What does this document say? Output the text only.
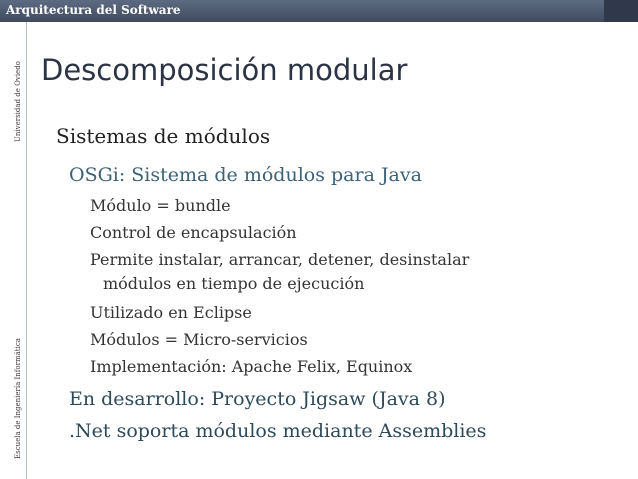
Arquitectura del Software
Universidad de Oviedo
Escuela de Ingeniería Informática
Descomposición modular
Sistemas de módulos
OSGi: Sistema de módulos para Java
Módulo = bundle
Control de encapsulación
Permite instalar, arrancar, detener, desinstalar
módulos en tiempo de ejecución
Utilizado en Eclipse
Módulos = Micro-servicios
Implementación: Apache Felix, Equinox
En desarrollo: Proyecto Jigsaw (Java 8)
.Net soporta módulos mediante Assemblies
